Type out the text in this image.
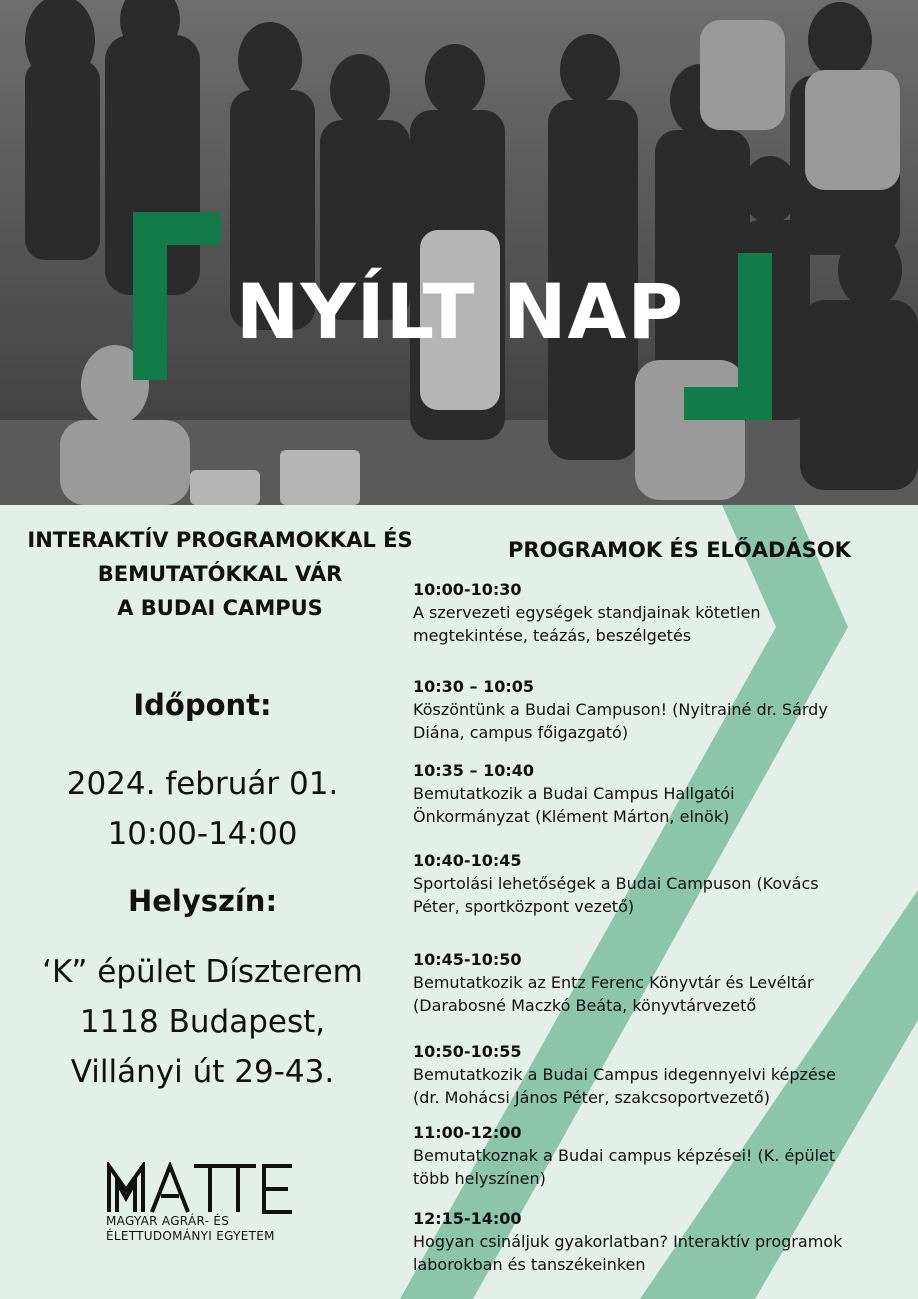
NYÍLT NAP
INTERAKTÍV PROGRAMOKKAL ÉS
BEMUTATÓKKAL VÁR
A BUDAI CAMPUS
Időpont:
2024. február 01.
10:00-14:00
Helyszín:
‘K” épület Díszterem
1118 Budapest,
Villányi út 29-43.
MATE
MAGYAR AGRÁR- ÉS
ÉLETTUDOMÁNYI EGYETEM
PROGRAMOK ÉS ELŐADÁSOK
10:00-10:30
A szervezeti egységek standjainak kötetlen
megtekintése, teázás, beszélgetés
10:30 – 10:05
Köszöntünk a Budai Campuson! (Nyitrainé dr. Sárdy
Diána, campus főigazgató)
10:35 – 10:40
Bemutatkozik a Budai Campus Hallgatói
Önkormányzat (Klément Márton, elnök)
10:40-10:45
Sportolási lehetőségek a Budai Campuson (Kovács
Péter, sportközpont vezető)
10:45-10:50
Bemutatkozik az Entz Ferenc Könyvtár és Levéltár
(Darabosné Maczkó Beáta, könyvtárvezető
10:50-10:55
Bemutatkozik a Budai Campus idegennyelvi képzése
(dr. Mohácsi János Péter, szakcsoportvezető)
11:00-12:00
Bemutatkoznak a Budai campus képzései! (K. épület
több helyszínen)
12:15-14:00
Hogyan csináljuk gyakorlatban? Interaktív programok
laborokban és tanszékeinken
